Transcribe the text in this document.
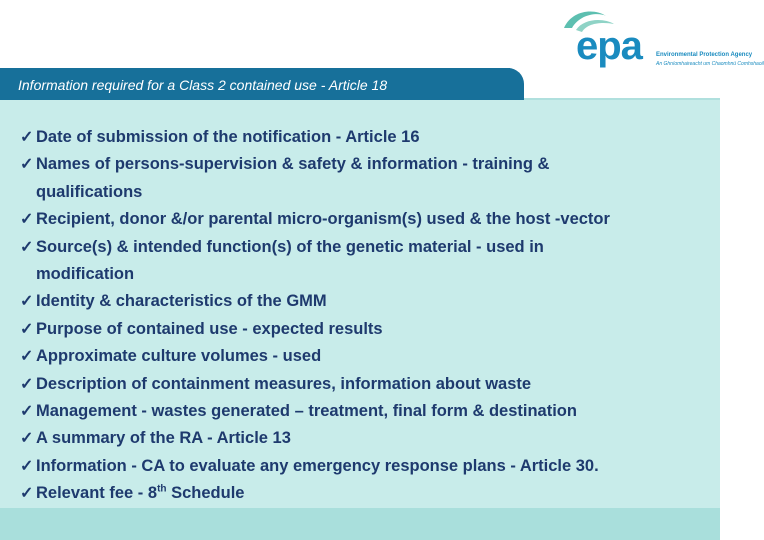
epa Environmental Protection Agency
An Ghníomhaireacht um Chaomhnú Comhshaoil
Information required for a Class 2 contained use - Article 18
✓ Date of submission of the notification - Article 16
✓ Names of persons-supervision & safety & information - training &
qualifications
✓ Recipient, donor &/or parental micro-organism(s) used & the host -vector
✓ Source(s) & intended function(s) of the genetic material - used in
modification
✓ Identity & characteristics of the GMM
✓ Purpose of contained use - expected results
✓ Approximate culture volumes - used
✓ Description of containment measures, information about waste
✓ Management - wastes generated – treatment, final form & destination
✓ A summary of the RA - Article 13
✓ Information - CA to evaluate any emergency response plans - Article 30.
✓ Relevant fee - 8th Schedule
